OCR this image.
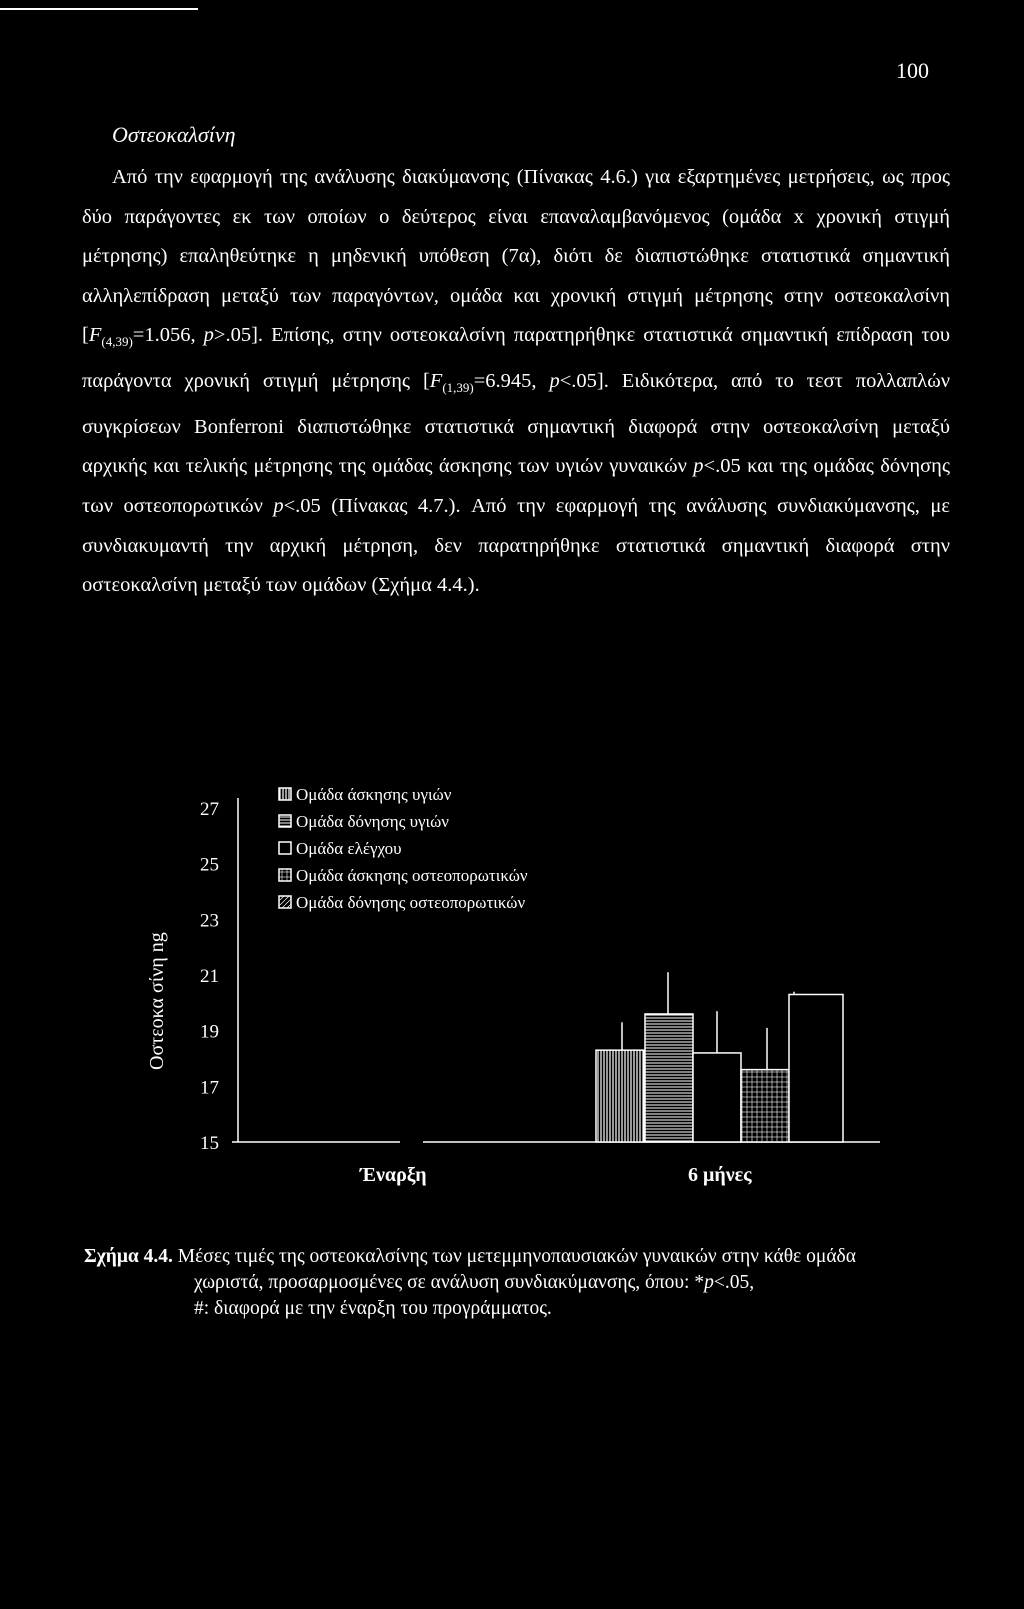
100
Οστεοκαλσίνη
Από την εφαρμογή της ανάλυσης διακύμανσης (Πίνακας 4.6.) για εξαρτημένες μετρήσεις, ως προς δύο παράγοντες εκ των οποίων ο δεύτερος είναι επαναλαμβανόμενος (ομάδα x χρονική στιγμή μέτρησης) επαληθεύτηκε η μηδενική υπόθεση (7α), διότι δε διαπιστώθηκε στατιστικά σημαντική αλληλεπίδραση μεταξύ των παραγόντων, ομάδα και χρονική στιγμή μέτρησης στην οστεοκαλσίνη [$F_{(4,39)}=1.056$, p>.05]. Επίσης, στην οστεοκαλσίνη παρατηρήθηκε στατιστικά σημαντική επίδραση του παράγοντα χρονική στιγμή μέτρησης [$F_{(1,39)}=6.945$, p<.05]. Ειδικότερα, από το τεστ πολλαπλών συγκρίσεων Bonferroni διαπιστώθηκε στατιστικά σημαντική διαφορά στην οστεοκαλσίνη μεταξύ αρχικής και τελικής μέτρησης της ομάδας άσκησης των υγιών γυναικών p<.05 και της ομάδας δόνησης των οστεοπορωτικών p<.05 (Πίνακας 4.7.). Από την εφαρμογή της ανάλυσης συνδιακύμανσης, με συνδιακυμαντή την αρχική μέτρηση, δεν παρατηρήθηκε στατιστικά σημαντική διαφορά στην οστεοκαλσίνη μεταξύ των ομάδων (Σχήμα 4.4.).
Οστεοκα σίνη ng
27
25
23
21
19
17
15
Ομάδα άσκησης υγιών
Ομάδα δόνησης υγιών
Ομάδα ελέγχου
Ομάδα άσκησης οστεοπορωτικών
Ομάδα δόνησης οστεοπορωτικών
Έναρξη	6 μήνες
Σχήμα 4.4. Μέσες τιμές της οστεοκαλσίνης των μετεμμηνοπαυσιακών γυναικών στην κάθε ομάδα
χωριστά, προσαρμοσμένες σε ανάλυση συνδιακύμανσης, όπου: *p<.05,
#: διαφορά με την έναρξη του προγράμματος.
